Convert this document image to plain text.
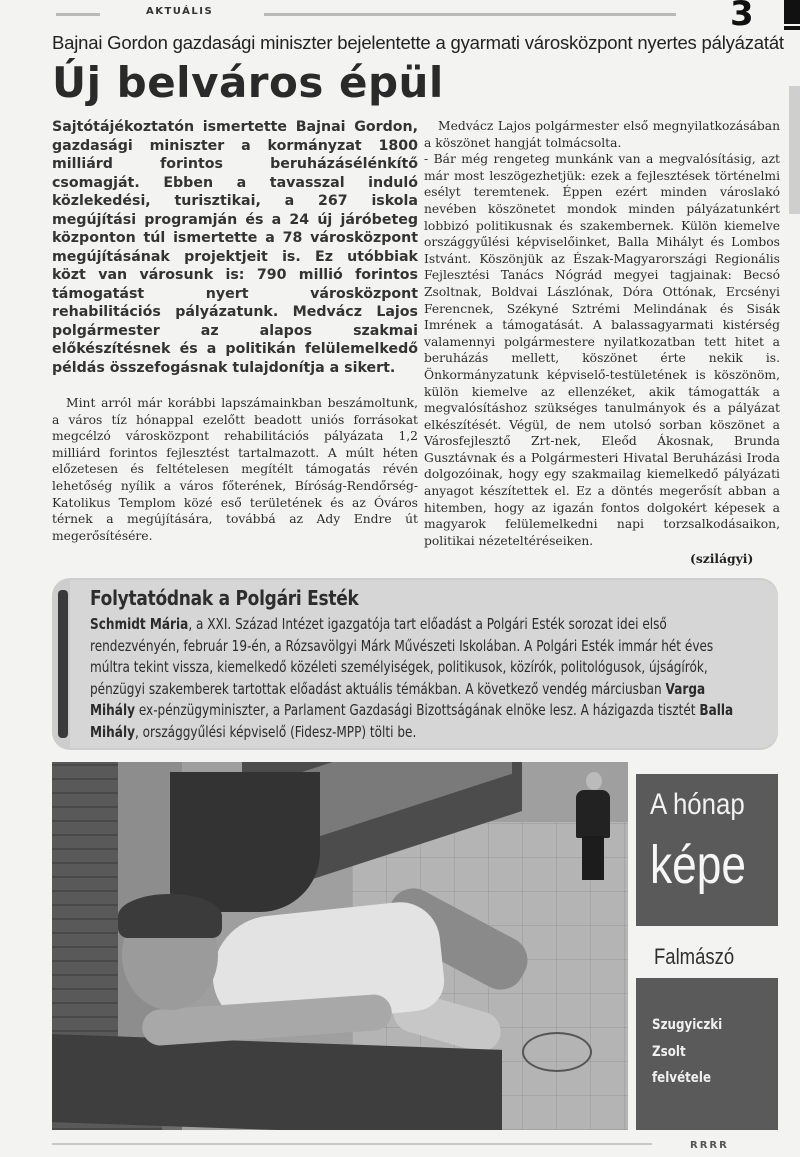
AKTUÁLIS	3
Bajnai Gordon gazdasági miniszter bejelentette a gyarmati városközpont nyertes pályázatát
Új belváros épül
Sajtótájékoztatón ismertette Bajnai Gordon, gazdasági miniszter a kormányzat 1800 milliárd forintos beruházásélénkítő csomagját. Ebben a tavasszal induló közlekedési, turisztikai, a 267 iskola megújítási programján és a 24 új járóbeteg központon túl ismertette a 78 városközpont megújításának projektjeit is. Ez utóbbiak közt van városunk is: 790 millió forintos támogatást nyert városközpont rehabilitációs pályázatunk. Medvácz Lajos polgármester az alapos szakmai előkészítésnek és a politikán felülemelkedő példás összefogásnak tulajdonítja a sikert.
Mint arról már korábbi lapszámainkban beszámoltunk, a város tíz hónappal ezelőtt beadott uniós forrásokat megcélzó városközpont rehabilitációs pályázata 1,2 milliárd forintos fejlesztést tartalmazott. A múlt héten előzetesen és feltételesen megítélt támogatás révén lehetőség nyílik a város főterének, Bíróság-Rendőrség-Katolikus Templom közé eső területének és az Óváros térnek a megújítására, továbbá az Ady Endre út megerősítésére.
Medvácz Lajos polgármester első megnyilatkozásában a köszönet hangját tolmácsolta.
- Bár még rengeteg munkánk van a megvalósításig, azt már most leszögezhetjük: ezek a fejlesztések történelmi esélyt teremtenek. Éppen ezért minden városlakó nevében köszönetet mondok minden pályázatunkért lobbizó politikusnak és szakembernek. Külön kiemelve országgyűlési képviselőinket, Balla Mihályt és Lombos Istvánt. Köszönjük az Észak-Magyarországi Regionális Fejlesztési Tanács Nógrád megyei tagjainak: Becsó Zsoltnak, Boldvai Lászlónak, Dóra Ottónak, Ercsényi Ferencnek, Székyné Sztrémi Melindának és Sisák Imrének a támogatását. A balassagyarmati kistérség valamennyi polgármestere nyilatkozatban tett hitet a beruházás mellett, köszönet érte nekik is. Önkormányzatunk képviselő-testületének is köszönöm, külön kiemelve az ellenzéket, akik támogatták a megvalósításhoz szükséges tanulmányok és a pályázat elkészítését. Végül, de nem utolsó sorban köszönet a Városfejlesztő Zrt-nek, Eleőd Ákosnak, Brunda Gusztávnak és a Polgármesteri Hivatal Beruházási Iroda dolgozóinak, hogy egy szakmailag kiemelkedő pályázati anyagot készítettek el. Ez a döntés megerősít abban a hitemben, hogy az igazán fontos dolgokért képesek a magyarok felülemelkedni napi torzsalkodásaikon, politikai nézeteltéréseiken.
(szilágyi)
Folytatódnak a Polgári Esték
Schmidt Mária, a XXI. Század Intézet igazgatója tart előadást a Polgári Esték sorozat idei első rendezvényén, február 19-én, a Rózsavölgyi Márk Művészeti Iskolában. A Polgári Esték immár hét éves múltra tekint vissza, kiemelkedő közéleti személyiségek, politikusok, közírók, politológusok, újságírók, pénzügyi szakemberek tartottak előadást aktuális témákban. A következő vendég márciusban Varga Mihály ex-pénzügyminiszter, a Parlament Gazdasági Bizottságának elnöke lesz. A házigazda tisztét Balla Mihály, országgyűlési képviselő (Fidesz-MPP) tölti be.
A hónap
képe
Falmászó
Szugyiczki
Zsolt
felvétele
RRRR
